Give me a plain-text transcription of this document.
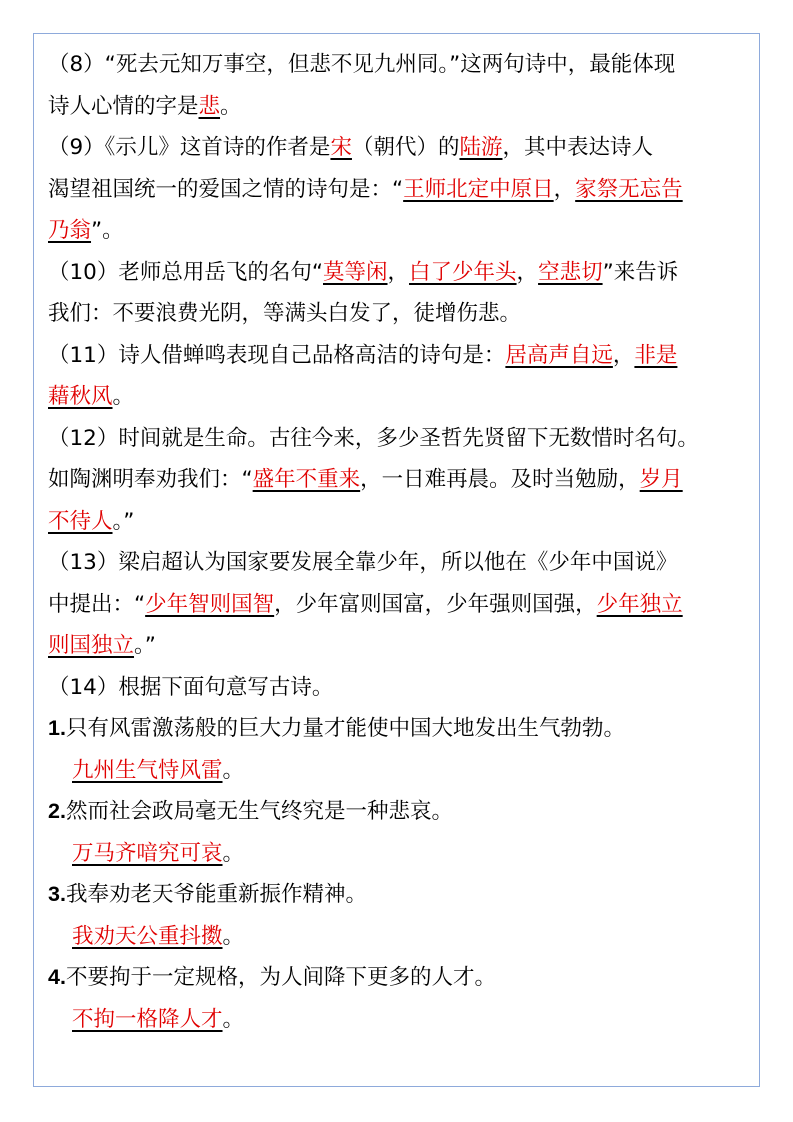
（8）“死去元知万事空，但悲不见九州同。”这两句诗中，最能体现
诗人心情的字是悲。
（9）《示儿》这首诗的作者是宋（朝代）的陆游，其中表达诗人
渴望祖国统一的爱国之情的诗句是：“王师北定中原日，家祭无忘告
乃翁”。
（10）老师总用岳飞的名句“莫等闲，白了少年头，空悲切”来告诉
我们：不要浪费光阴，等满头白发了，徒增伤悲。
（11）诗人借蝉鸣表现自己品格高洁的诗句是：居高声自远，非是
藉秋风。
（12）时间就是生命。古往今来，多少圣哲先贤留下无数惜时名句。
如陶渊明奉劝我们：“盛年不重来，一日难再晨。及时当勉励，岁月
不待人。”
（13）梁启超认为国家要发展全靠少年，所以他在《少年中国说》
中提出：“少年智则国智，少年富则国富，少年强则国强，少年独立
则国独立。”
（14）根据下面句意写古诗。
1.只有风雷激荡般的巨大力量才能使中国大地发出生气勃勃。
九州生气恃风雷。
2.然而社会政局毫无生气终究是一种悲哀。
万马齐喑究可哀。
3.我奉劝老天爷能重新振作精神。
我劝天公重抖擞。
4.不要拘于一定规格，为人间降下更多的人才。
不拘一格降人才。
